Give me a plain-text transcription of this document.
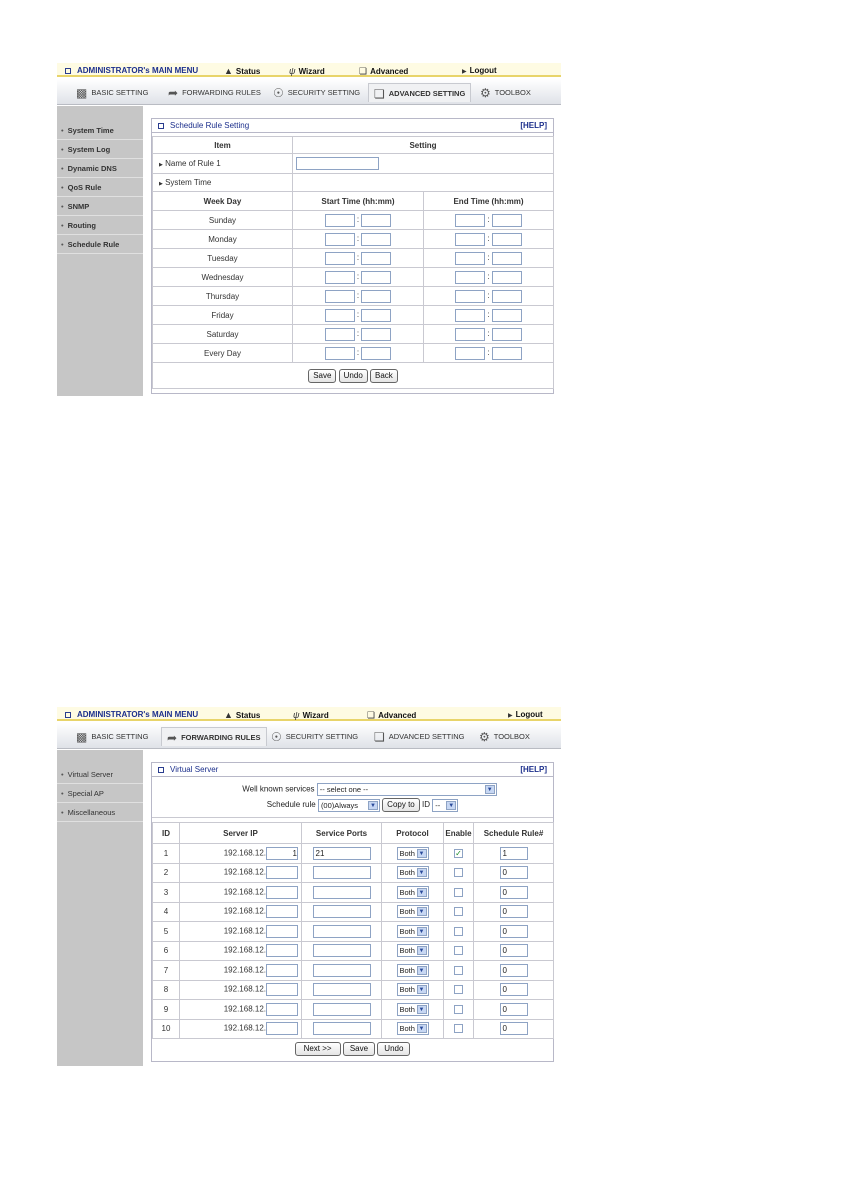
ADMINISTRATOR's MAIN MENU	▲ Status	ψ Wizard	❏ Advanced	▶ Logout
▩ BASIC SETTING ➦ FORWARDING RULES ☉ SECURITY SETTING	❏ ADVANCED SETTING	⚙ TOOLBOX
• System Time
• System Log
• Dynamic DNS
• QoS Rule
• SNMP
• Routing
• Schedule Rule
Schedule Rule Setting	[HELP]
Item	Setting	
▶ Name of Rule 1		
▶ System Time		
Week Day	Start Time (hh:mm)	End Time (hh:mm)
Sunday	:	:
Monday	:	:
Tuesday	:	:
Wednesday	:	:
Thursday	:	:
Friday	:	:
Saturday	:	:
Every Day	:	:
Save Undo Back		
ADMINISTRATOR's MAIN MENU	▲ Status	ψ Wizard	❏ Advanced	▶ Logout
▩ BASIC SETTING	➦ FORWARDING RULES ☉ SECURITY SETTING ❏ ADVANCED SETTING ⚙ TOOLBOX
• Virtual Server
• Special AP
• Miscellaneous
Virtual Server	[HELP]
Well known services -- select one --	▼
Schedule rule (00)Always	▼ Copy to ID --	▼
ID	Server IP	Service Ports	Protocol	Enable	Schedule Rule#
1	192.168.12. 1	21	Both ▼	✓	1
2	192.168.12.		Both ▼		0
3	192.168.12.		Both ▼		0
4	192.168.12.		Both ▼		0
5	192.168.12.		Both ▼		0
6	192.168.12.		Both ▼		0
7	192.168.12.		Both ▼		0
8	192.168.12.		Both ▼		0
9	192.168.12.		Both ▼		0
10	192.168.12.		Both ▼		0
Next >> Save Undo
